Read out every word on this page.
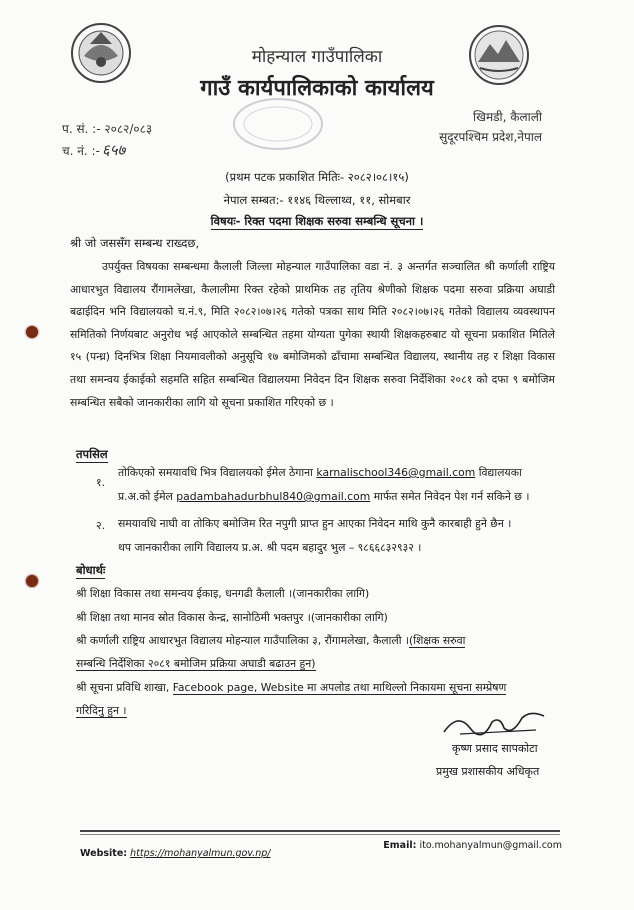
मोहन्याल गाउँपालिका
गाउँ कार्यपालिकाको कार्यालय
प. सं. :- २०८२/०८३
च. नं. :- ६५७
खिमडी, कैलाली
सुदूरपश्चिम प्रदेश,नेपाल
(प्रथम पटक प्रकाशित मितिः- २०८२।०८।१५)
नेपाल सम्बत:- ११४६ थिल्लाथ्व, ११, सोमबार
विषयः- रिक्त पदमा शिक्षक सरुवा सम्बन्धि सूचना ।
श्री जो जससँग सम्बन्ध राख्दछ,
उपर्युक्त विषयका सम्बन्धमा कैलाली जिल्ला मोहन्याल गाउँपालिका वडा नं. ३ अन्तर्गत सञ्चालित श्री कर्णाली राष्ट्रिय आधारभुत विद्यालय रौंगामलेखा, कैलालीमा रिक्त रहेको प्राथमिक तह तृतिय श्रेणीको शिक्षक पदमा सरुवा प्रक्रिया अघाडी बढाईदिन भनि विद्यालयको च.नं.९, मिति २०८२।०७।२६ गतेको पत्रका साथ मिति २०८२।०७।२६ गतेको विद्यालय व्यवस्थापन समितिको निर्णयबाट अनुरोध भई आएकोले सम्बन्धित तहमा योग्यता पुगेका स्थायी शिक्षकहरुबाट यो सूचना प्रकाशित मितिले १५ (पन्ध्र) दिनभित्र शिक्षा नियमावलीको अनुसूचि १७ बमोजिमको ढाँचामा सम्बन्धित विद्यालय, स्थानीय तह र शिक्षा विकास तथा समन्वय ईकाईको सहमति सहित सम्बन्धित विद्यालयमा निवेदन दिन शिक्षक सरुवा निर्देशिका २०८१ को दफा ९ बमोजिम सम्बन्धित सबैको जानकारीका लागि यो सूचना प्रकाशित गरिएको छ ।
तपसिल
१.
तोकिएको समयावधि भित्र विद्यालयको ईमेल ठेगाना karnalischool346@gmail.com विद्यालयका
प्र.अ.को ईमेल padambahadurbhul840@gmail.com मार्फत समेत निवेदन पेश गर्न सकिने छ ।
२. समयावधि नाघी वा तोकिए बमोजिम रित नपुगी प्राप्त हुन आएका निवेदन माथि कुनै कारबाही हुने छैन ।
थप जानकारीका लागि विद्यालय प्र.अ. श्री पदम बहादुर भुल – ९८६६८३२९३२ ।
बोधार्थः
श्री शिक्षा विकास तथा समन्वय ईकाइ, धनगढी कैलाली ।(जानकारीका लागि)
श्री शिक्षा तथा मानव स्रोत विकास केन्द्र, सानोठिमी भक्तपुर ।(जानकारीका लागि)
श्री कर्णाली राष्ट्रिय आधारभुत विद्यालय मोहन्याल गाउँपालिका ३, रौंगामलेखा, कैलाली ।(शिक्षक सरुवा
सम्बन्धि निर्देशिका २०८१ बमोजिम प्रक्रिया अघाडी बढाउन हुन)
श्री सूचना प्रविधि शाखा, Facebook page, Website मा अपलोड तथा माथिल्लो निकायमा सूचना सम्प्रेषण
गरिदिनु हुन ।
कृष्ण प्रसाद सापकोटा
प्रमुख प्रशासकीय अधिकृत
Website: https://mohanyalmun.gov.np/
Email: ito.mohanyalmun@gmail.com
